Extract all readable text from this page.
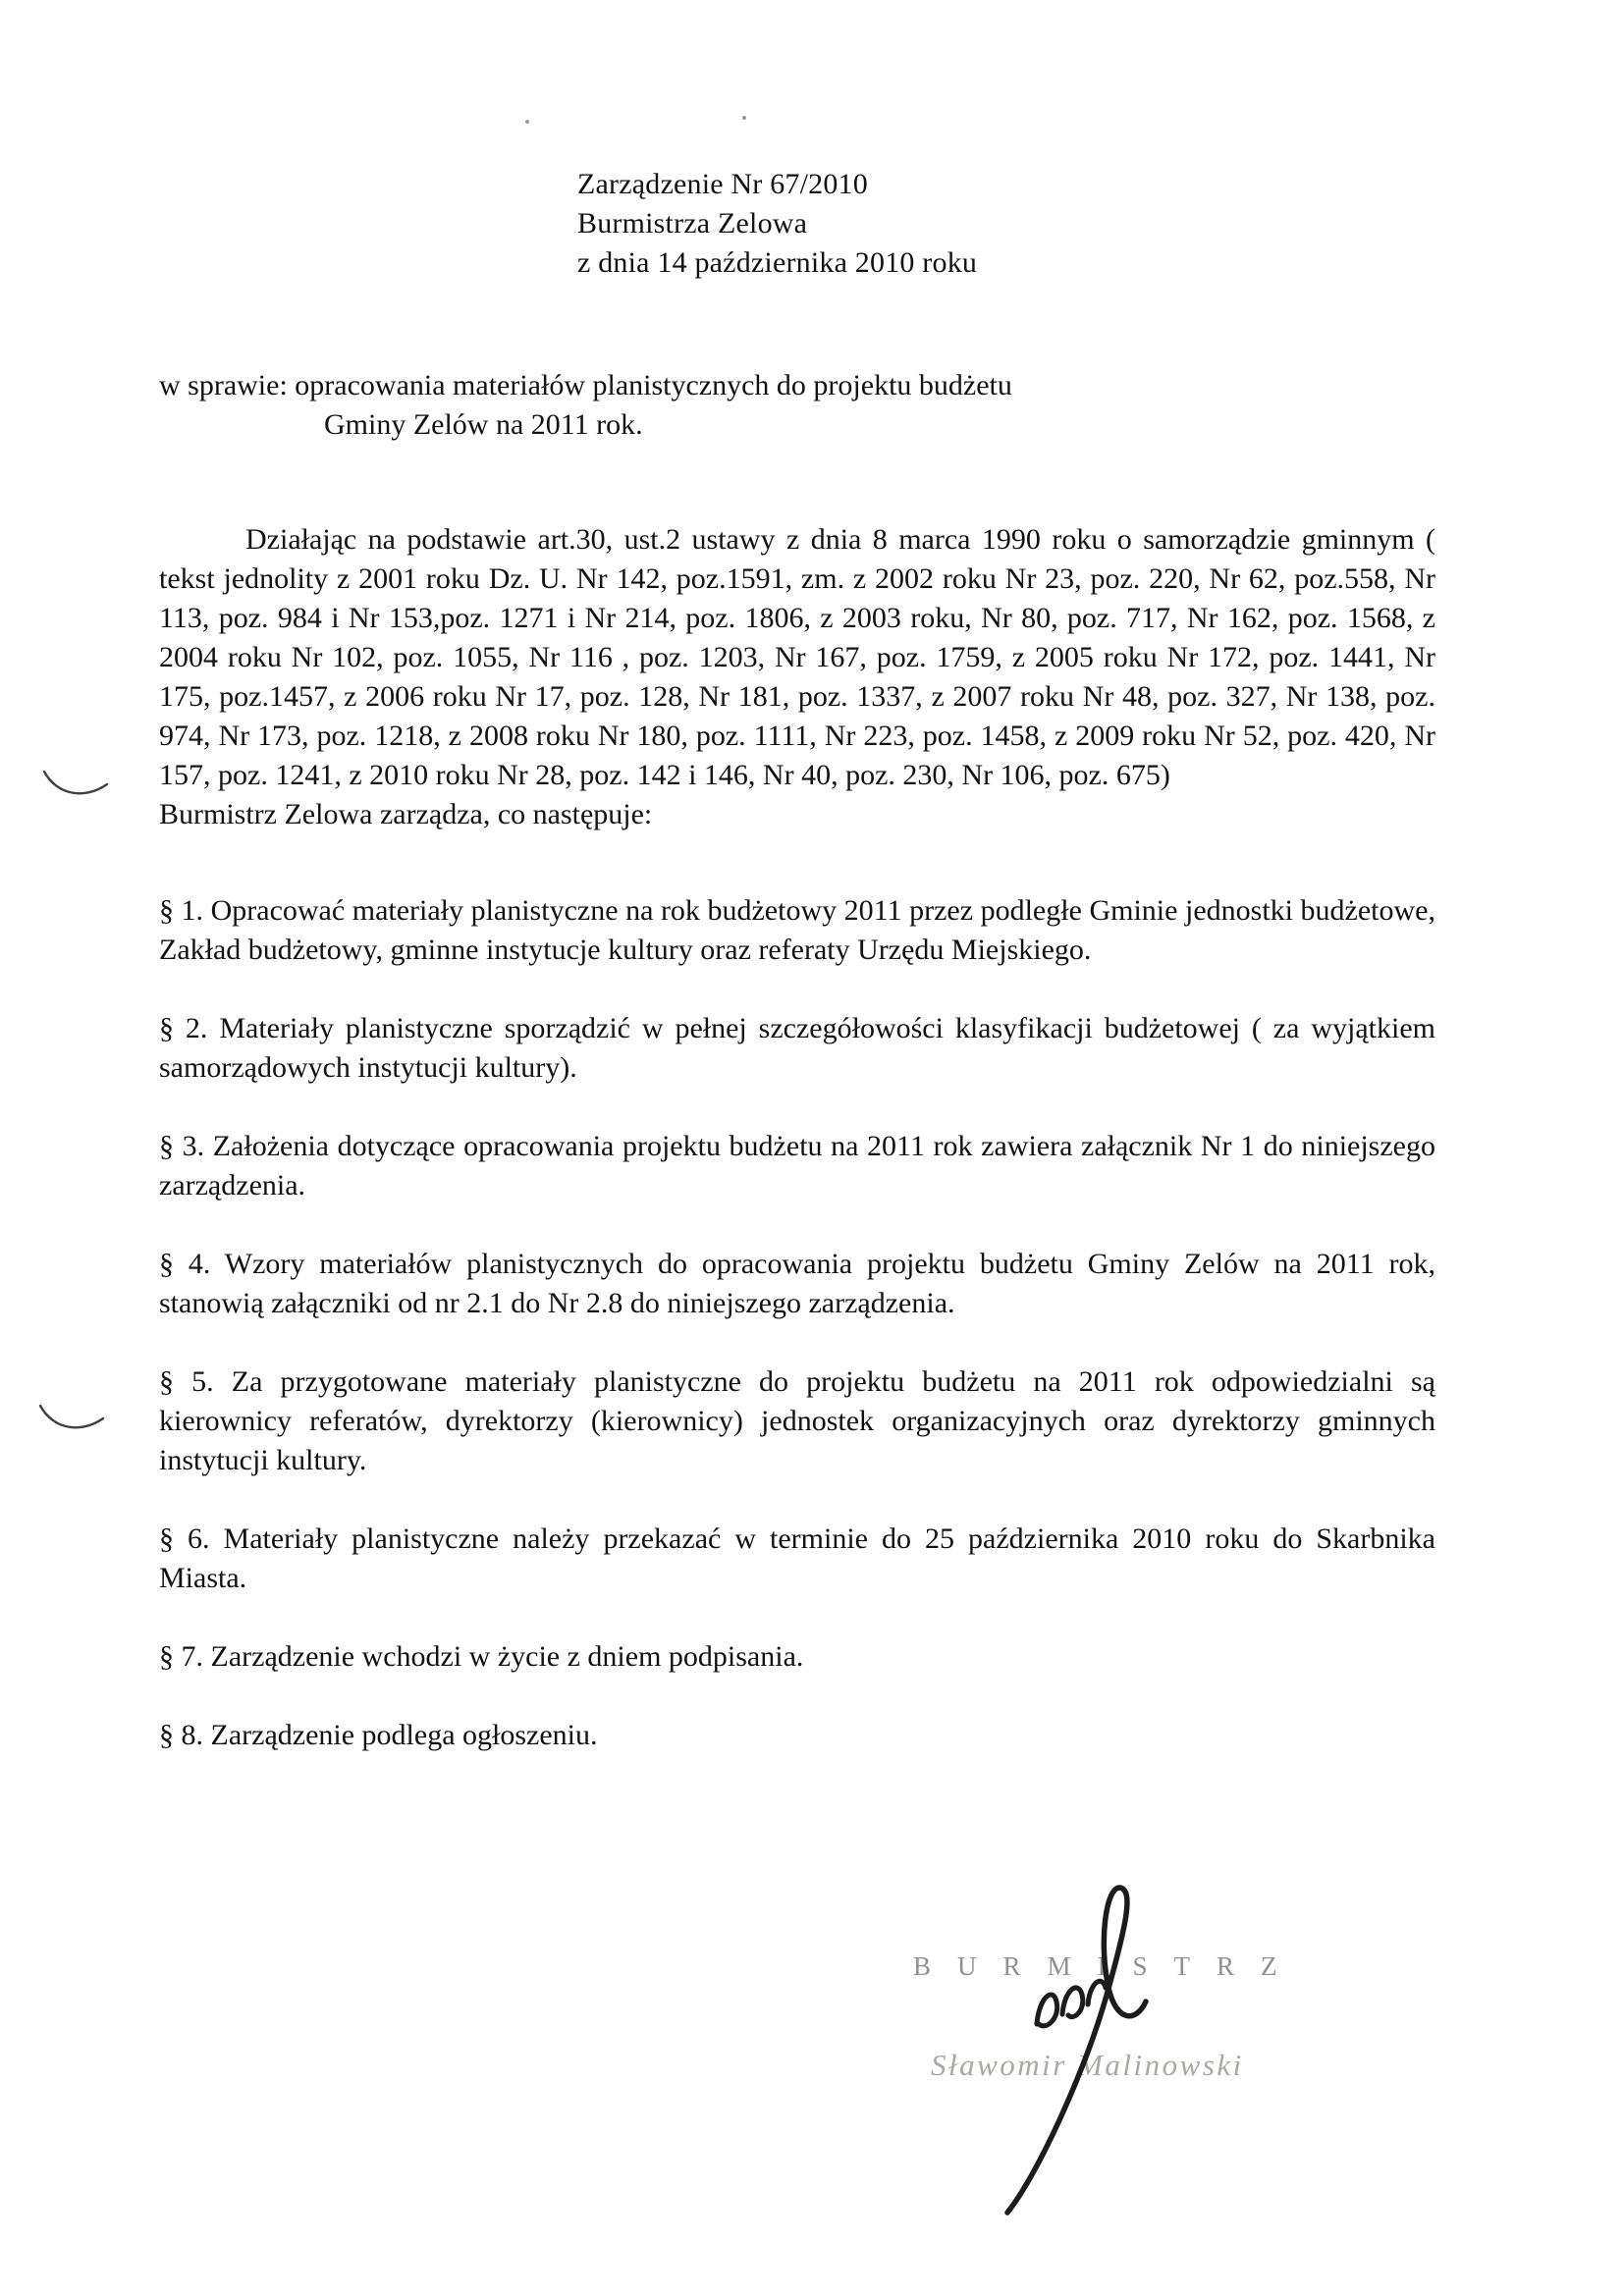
Zarządzenie Nr 67/2010
Burmistrza Zelowa
z dnia 14 października 2010 roku
w sprawie: opracowania materiałów planistycznych do projektu budżetu
Gminy Zelów na 2011 rok.

Działając na podstawie art.30, ust.2 ustawy z dnia 8 marca 1990 roku o samorządzie gminnym ( tekst jednolity z 2001 roku Dz. U. Nr 142, poz.1591, zm. z 2002 roku Nr 23, poz. 220, Nr 62, poz.558, Nr 113, poz. 984 i Nr 153,poz. 1271 i Nr 214, poz. 1806, z 2003 roku, Nr 80, poz. 717, Nr 162, poz. 1568, z 2004 roku Nr 102, poz. 1055, Nr 116 , poz. 1203, Nr 167, poz. 1759, z 2005 roku Nr 172, poz. 1441, Nr 175, poz.1457, z 2006 roku Nr 17, poz. 128, Nr 181, poz. 1337, z 2007 roku Nr 48, poz. 327, Nr 138, poz. 974, Nr 173, poz. 1218, z 2008 roku Nr 180, poz. 1111, Nr 223, poz. 1458, z 2009 roku Nr 52, poz. 420, Nr 157, poz. 1241, z 2010 roku Nr 28, poz. 142 i 146, Nr 40, poz. 230, Nr 106, poz. 675)

Burmistrz Zelowa zarządza, co następuje:

§ 1. Opracować materiały planistyczne na rok budżetowy 2011 przez podległe Gminie jednostki budżetowe, Zakład budżetowy, gminne instytucje kultury oraz referaty Urzędu Miejskiego.

§ 2. Materiały planistyczne sporządzić w pełnej szczegółowości klasyfikacji budżetowej ( za wyjątkiem samorządowych instytucji kultury).

§ 3. Założenia dotyczące opracowania projektu budżetu na 2011 rok zawiera załącznik Nr 1 do niniejszego zarządzenia.

§ 4. Wzory materiałów planistycznych do opracowania projektu budżetu Gminy Zelów na 2011 rok, stanowią załączniki od nr 2.1 do Nr 2.8 do niniejszego zarządzenia.

§ 5. Za przygotowane materiały planistyczne do projektu budżetu na 2011 rok odpowiedzialni są kierownicy referatów, dyrektorzy (kierownicy) jednostek organizacyjnych oraz dyrektorzy gminnych instytucji kultury.

§ 6. Materiały planistyczne należy przekazać w terminie do 25 października 2010 roku do Skarbnika Miasta.

§ 7. Zarządzenie wchodzi w życie z dniem podpisania.

§ 8. Zarządzenie podlega ogłoszeniu.

BURMISTRZ
Sławomir Malinowski
